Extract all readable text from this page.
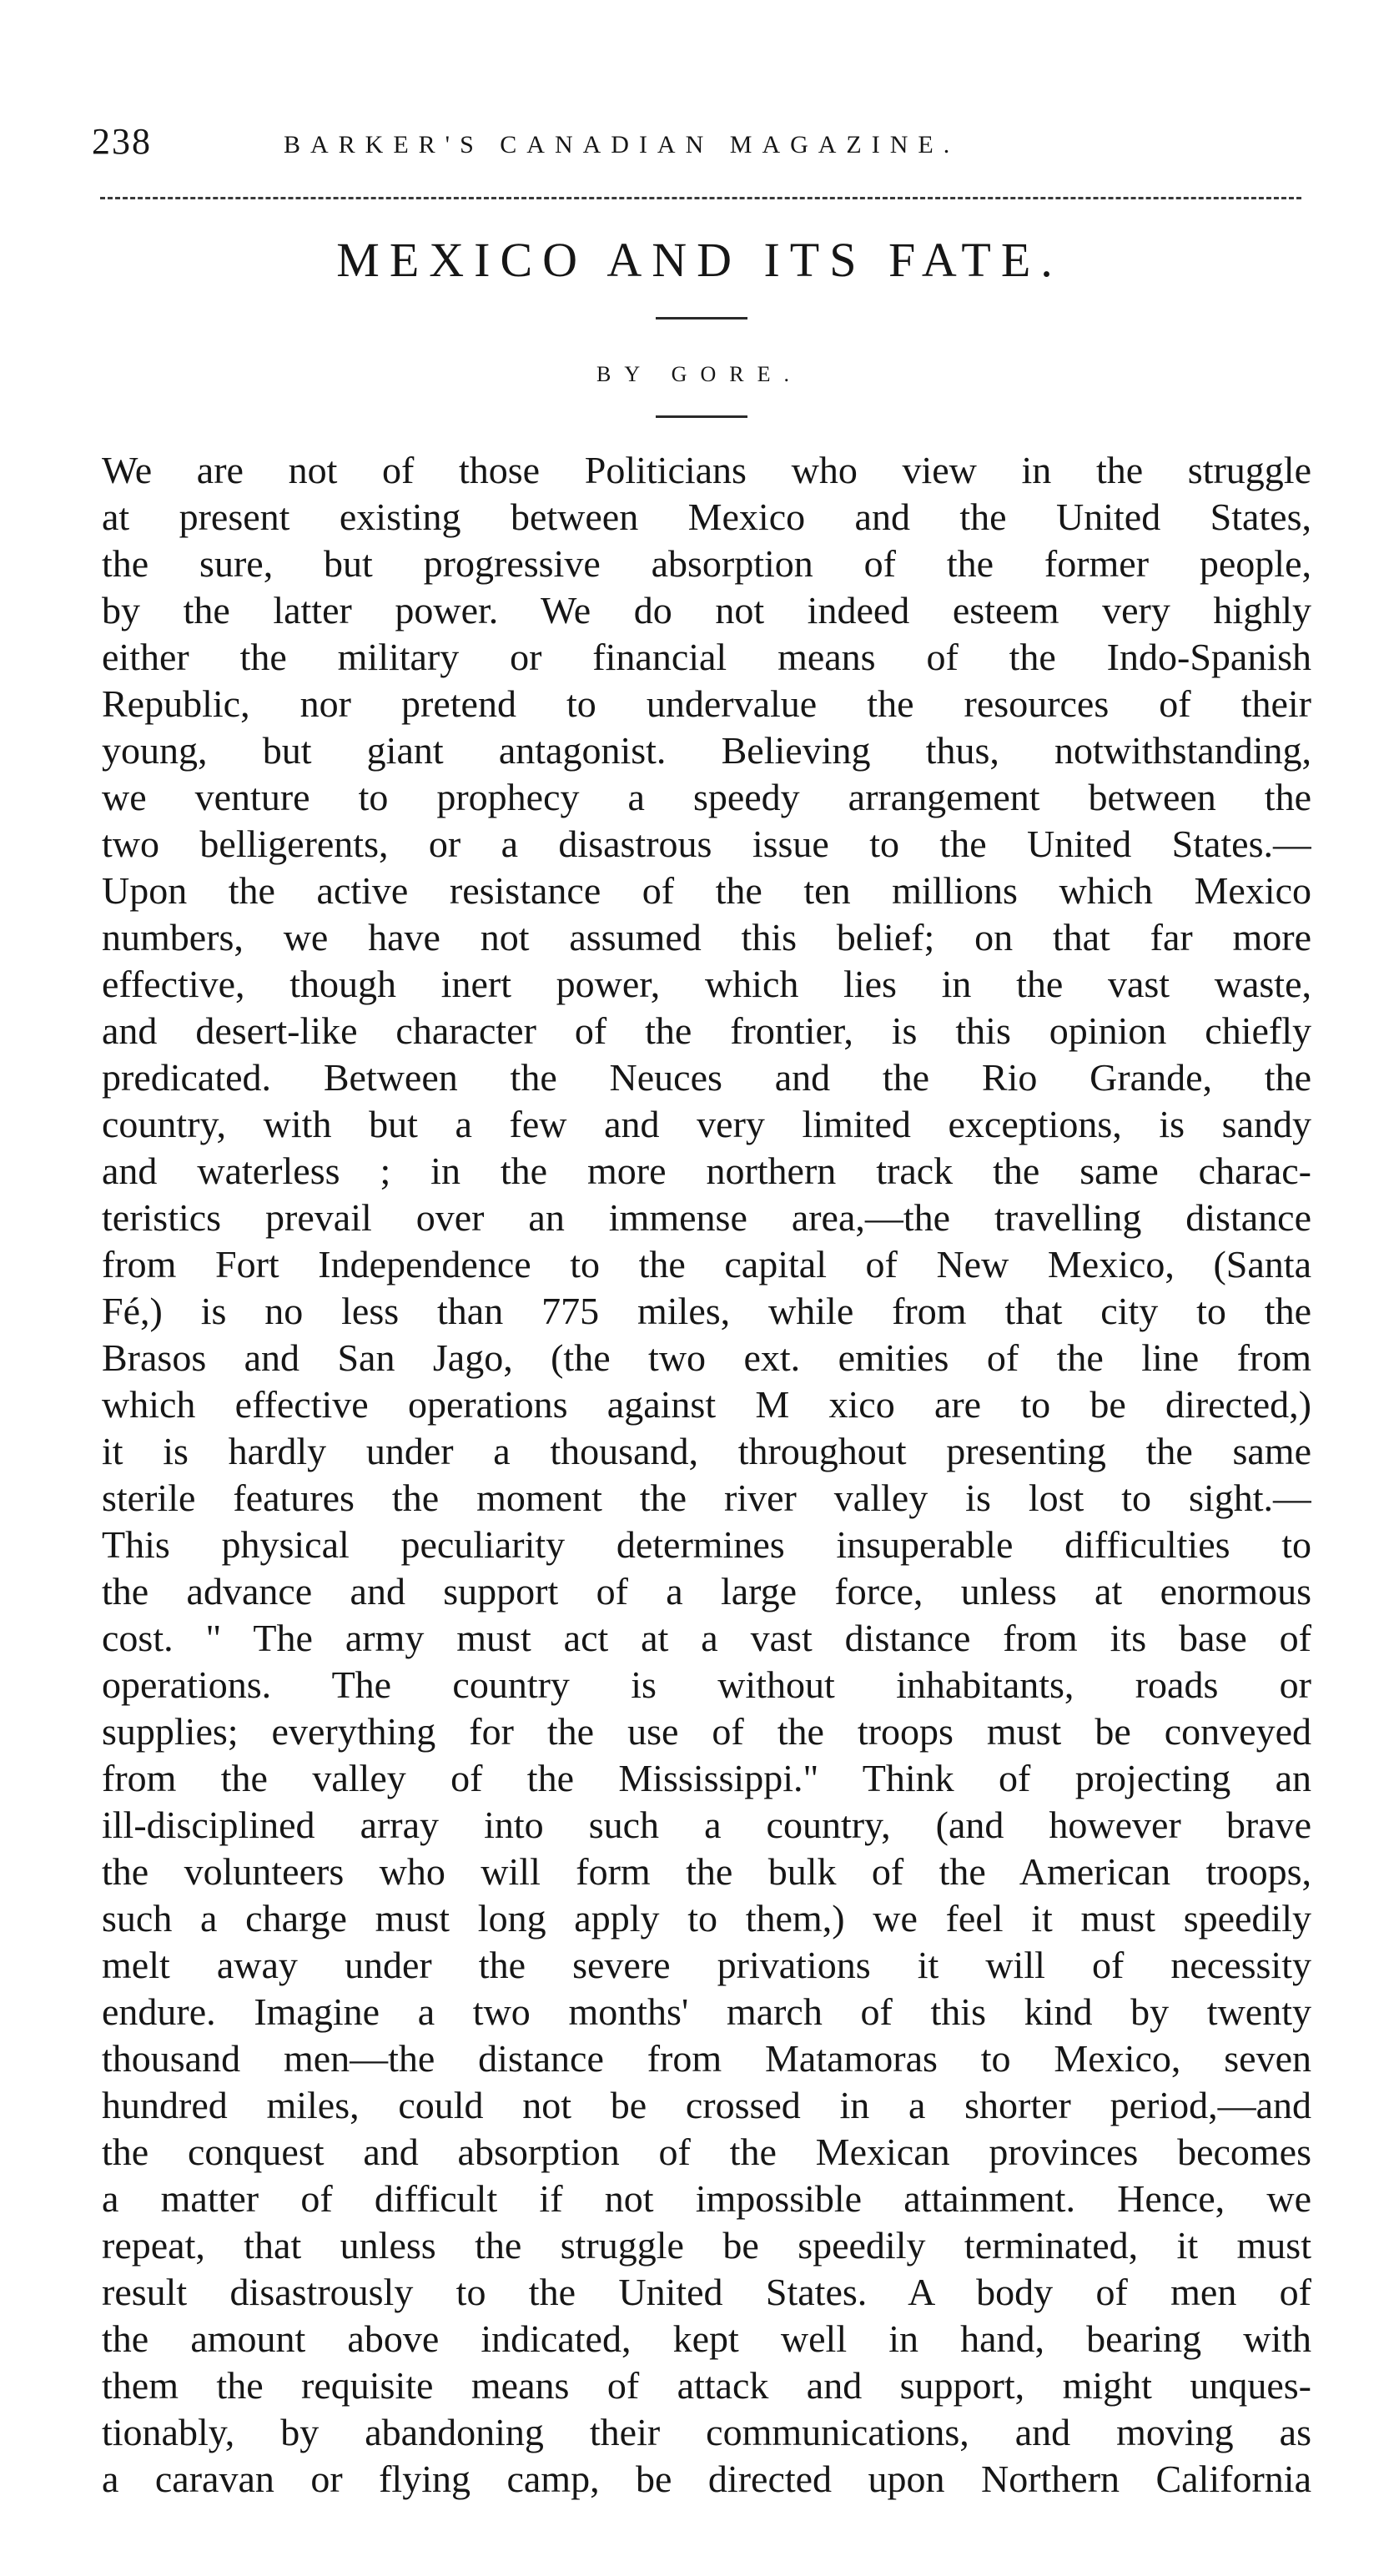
238	BARKER'S CANADIAN MAGAZINE.
MEXICO AND ITS FATE.
BY GORE.
We are not of those Politicians who view in the struggle
at present existing between Mexico and the United States,
the sure, but progressive absorption of the former people,
by the latter power. We do not indeed esteem very highly
either the military or financial means of the Indo-Spanish
Republic, nor pretend to undervalue the resources of their
young, but giant antagonist. Believing thus, notwithstanding,
we venture to prophecy a speedy arrangement between the
two belligerents, or a disastrous issue to the United States.—
Upon the active resistance of the ten millions which Mexico
numbers, we have not assumed this belief; on that far more
effective, though inert power, which lies in the vast waste,
and desert-like character of the frontier, is this opinion chiefly
predicated. Between the Neuces and the Rio Grande, the
country, with but a few and very limited exceptions, is sandy
and waterless ; in the more northern track the same charac-
teristics prevail over an immense area,—the travelling distance
from Fort Independence to the capital of New Mexico, (Santa
Fé,) is no less than 775 miles, while from that city to the
Brasos and San Jago, (the two ext. emities of the line from
which effective operations against M xico are to be directed,)
it is hardly under a thousand, throughout presenting the same
sterile features the moment the river valley is lost to sight.—
This physical peculiarity determines insuperable difficulties to
the advance and support of a large force, unless at enormous
cost. " The army must act at a vast distance from its base of
operations. The country is without inhabitants, roads or
supplies; everything for the use of the troops must be conveyed
from the valley of the Mississippi." Think of projecting an
ill-disciplined array into such a country, (and however brave
the volunteers who will form the bulk of the American troops,
such a charge must long apply to them,) we feel it must speedily
melt away under the severe privations it will of necessity
endure. Imagine a two months' march of this kind by twenty
thousand men—the distance from Matamoras to Mexico, seven
hundred miles, could not be crossed in a shorter period,—and
the conquest and absorption of the Mexican provinces becomes
a matter of difficult if not impossible attainment. Hence, we
repeat, that unless the struggle be speedily terminated, it must
result disastrously to the United States. A body of men of
the amount above indicated, kept well in hand, bearing with
them the requisite means of attack and support, might unques-
tionably, by abandoning their communications, and moving as
a caravan or flying camp, be directed upon Northern California
